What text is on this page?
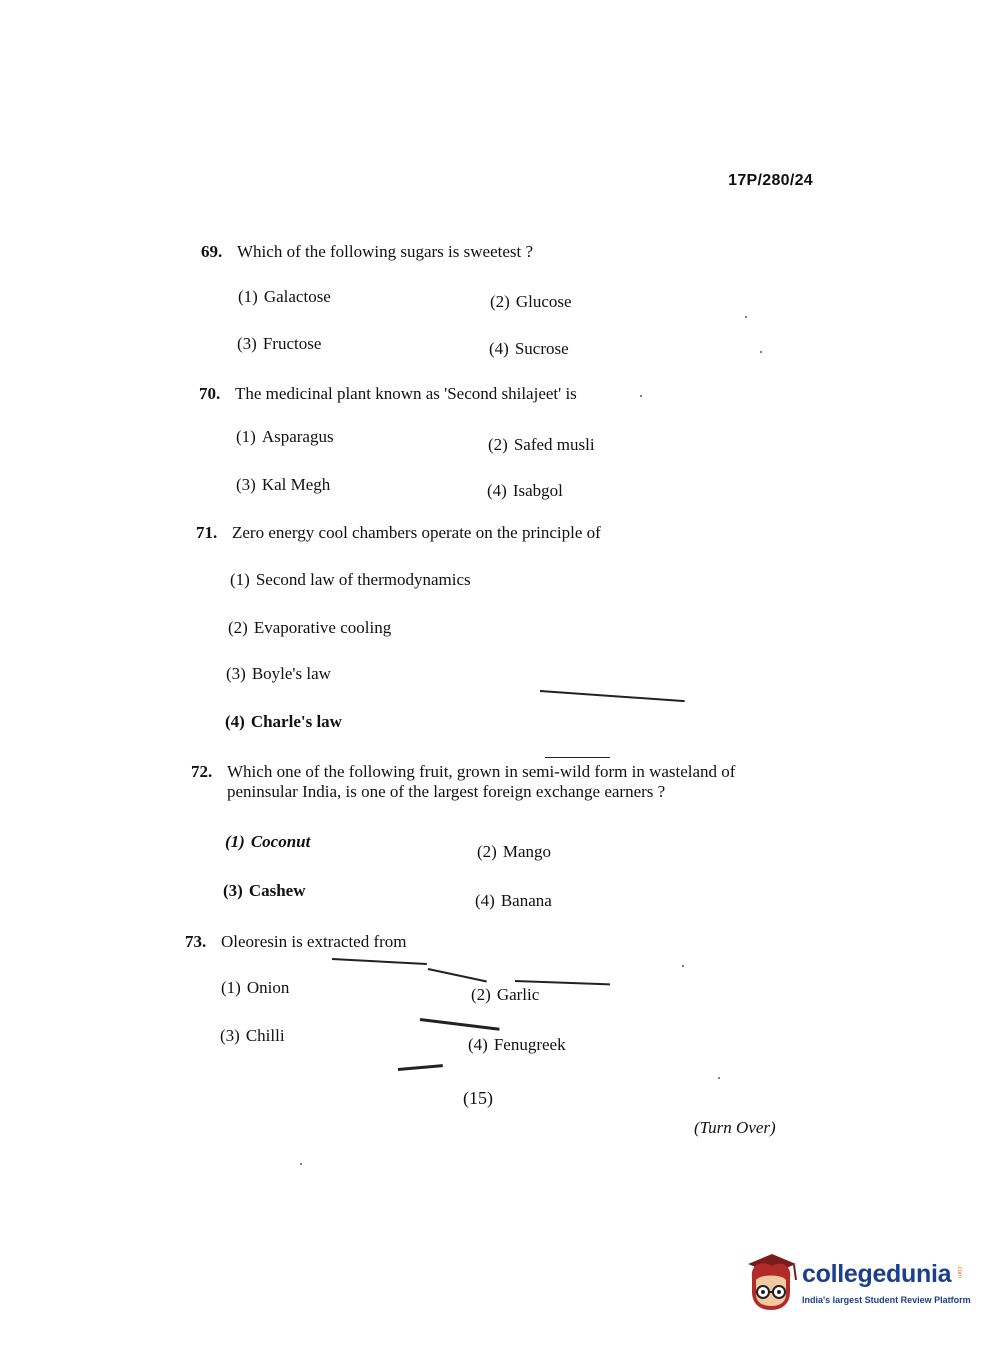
17P/280/24
69. Which of the following sugars is sweetest ?
(1) Galactose	(2) Glucose
(3) Fructose	(4) Sucrose
70. The medicinal plant known as 'Second shilajeet' is
(1) Asparagus	(2) Safed musli
(3) Kal Megh	(4) Isabgol
71. Zero energy cool chambers operate on the principle of
(1) Second law of thermodynamics
(2) Evaporative cooling
(3) Boyle's law
(4) Charle's law
72. Which one of the following fruit, grown in semi-wild form in wasteland of
peninsular India, is one of the largest foreign exchange earners ?
(1) Coconut
(2) Mango
(3) Cashew
(4) Banana
73. Oleoresin is extracted from
(1) Onion	(2) Garlic
(3) Chilli	(4) Fenugreek
(15)
(Turn Over)
collegedunia .com
India's largest Student Review Platform
